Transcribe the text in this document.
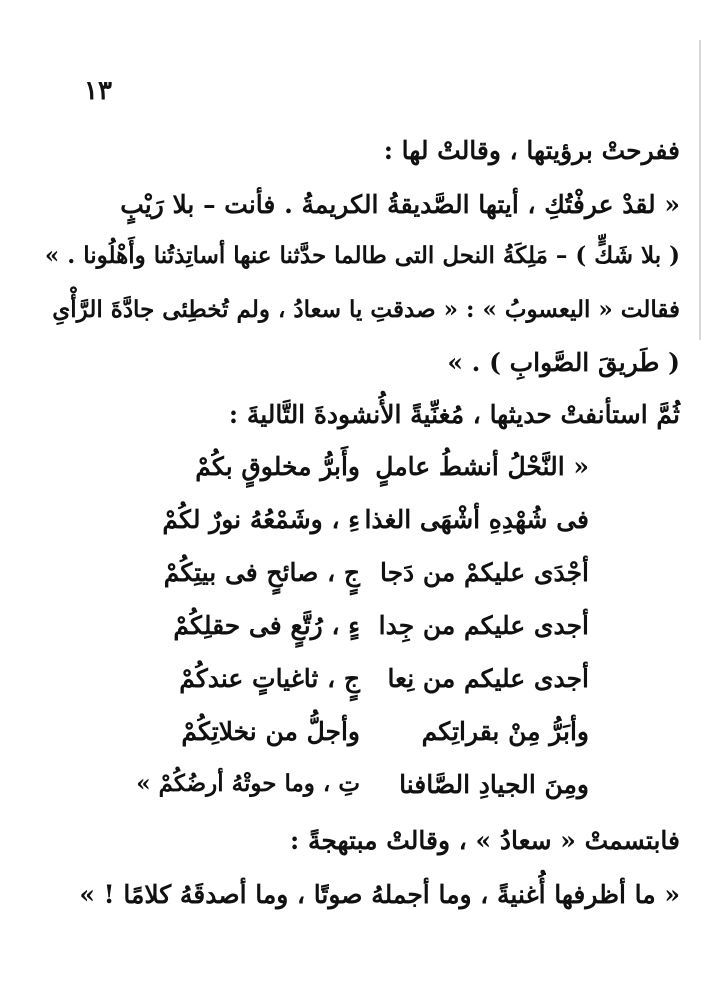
١٣
ففرحتْ برؤيتها ، وقالتْ لها :
« لقدْ عرفْتُكِ ، أيتها الصَّديقةُ الكريمةُ . فأنت – بلا رَيْبٍ
( بلا شَكٍّ ) – مَلِكَةُ النحل التى طالما حدَّثنا عنها أساتِذتُنا وأَهْلُونا . »
فقالت « اليعسوبُ » : « صدقتِ يا سعادُ ، ولم تُخطِئى جادَّةَ الرَّأْىِ
( طَريقَ الصَّوابِ ) . »
ثُمَّ استأنفتْ حديثها ، مُغنِّيةً الأُنشودةَ التَّاليةَ :
« النَّحْلُ أنشطُ عاملٍ
وأَبرُّ مخلوقٍ بكُمْ
فى شُهْدِهِ أشْهَى الغذا
ءِ ، وشَمْعُهُ نورٌ لكُمْ
أجْدَى عليكمْ من دَجا
جٍ ، صائحٍ فى بيتِكُمْ
أجدى عليكم من جِدا
ءٍ ، رُتَّعٍ فى حقلِكُمْ
أجدى عليكم من نِعا
جٍ ، ثاغياتٍ عندكُمْ
وأبَرُّ مِنْ بقراتِكم
وأجلُّ من نخلاتِكُمْ
ومِنَ الجيادِ الصَّافنا
تِ ، وما حوتْهُ أرضُكُمْ »
فابتسمتْ « سعادُ » ، وقالتْ مبتهجةً :
« ما أظرفها أُغنيةً ، وما أجملهُ صوتًا ، وما أصدقَهُ كلامًا ! »
